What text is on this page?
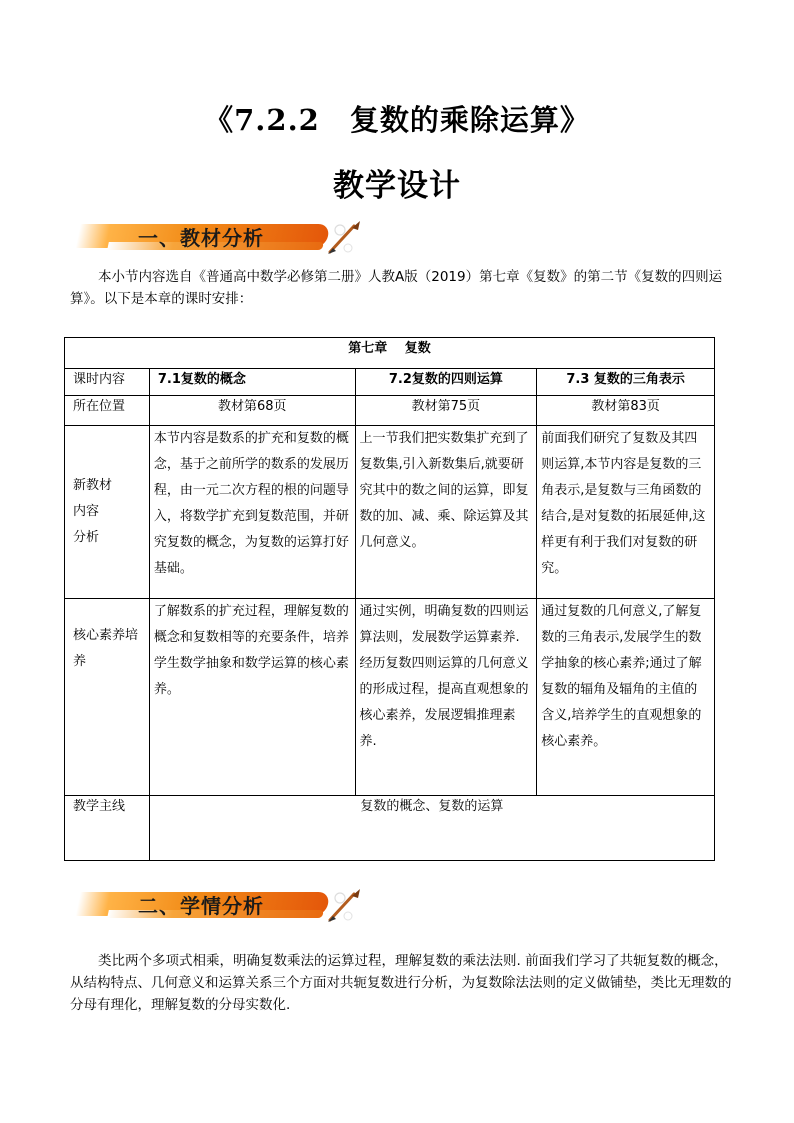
《7.2.2　复数的乘除运算》
教学设计
一、教材分析
本小节内容选自《普通高中数学必修第二册》人教A版（2019）第七章《复数》的第二节《复数的四则运算》。以下是本章的课时安排：
第七章　 复数			
课时内容	7.1复数的概念	7.2复数的四则运算	7.3 复数的三角表示
所在位置	教材第68页	教材第75页	教材第83页
新教材
内容
分析	本节内容是数系的扩充和复数的概念，基于之前所学的数系的发展历程，由一元二次方程的根的问题导入，将数学扩充到复数范围，并研究复数的概念，为复数的运算打好基础。	上一节我们把实数集扩充到了复数集,引入新数集后,就要研究其中的数之间的运算，即复数的加、减、乘、除运算及其几何意义。	前面我们研究了复数及其四则运算,本节内容是复数的三角表示,是复数与三角函数的结合,是对复数的拓展延伸,这样更有利于我们对复数的研究。
核心素养培养	了解数系的扩充过程，理解复数的概念和复数相等的充要条件，培养学生数学抽象和数学运算的核心素养。	通过实例，明确复数的四则运算法则，发展数学运算素养.经历复数四则运算的几何意义的形成过程，提高直观想象的核心素养，发展逻辑推理素养.	通过复数的几何意义,了解复数的三角表示,发展学生的数学抽象的核心素养;通过了解复数的辐角及辐角的主值的含义,培养学生的直观想象的核心素养。
教学主线	复数的概念、复数的运算		
二、学情分析
类比两个多项式相乘，明确复数乘法的运算过程，理解复数的乘法法则. 前面我们学习了共轭复数的概念，从结构特点、几何意义和运算关系三个方面对共轭复数进行分析，为复数除法法则的定义做铺垫，类比无理数的分母有理化，理解复数的分母实数化.
